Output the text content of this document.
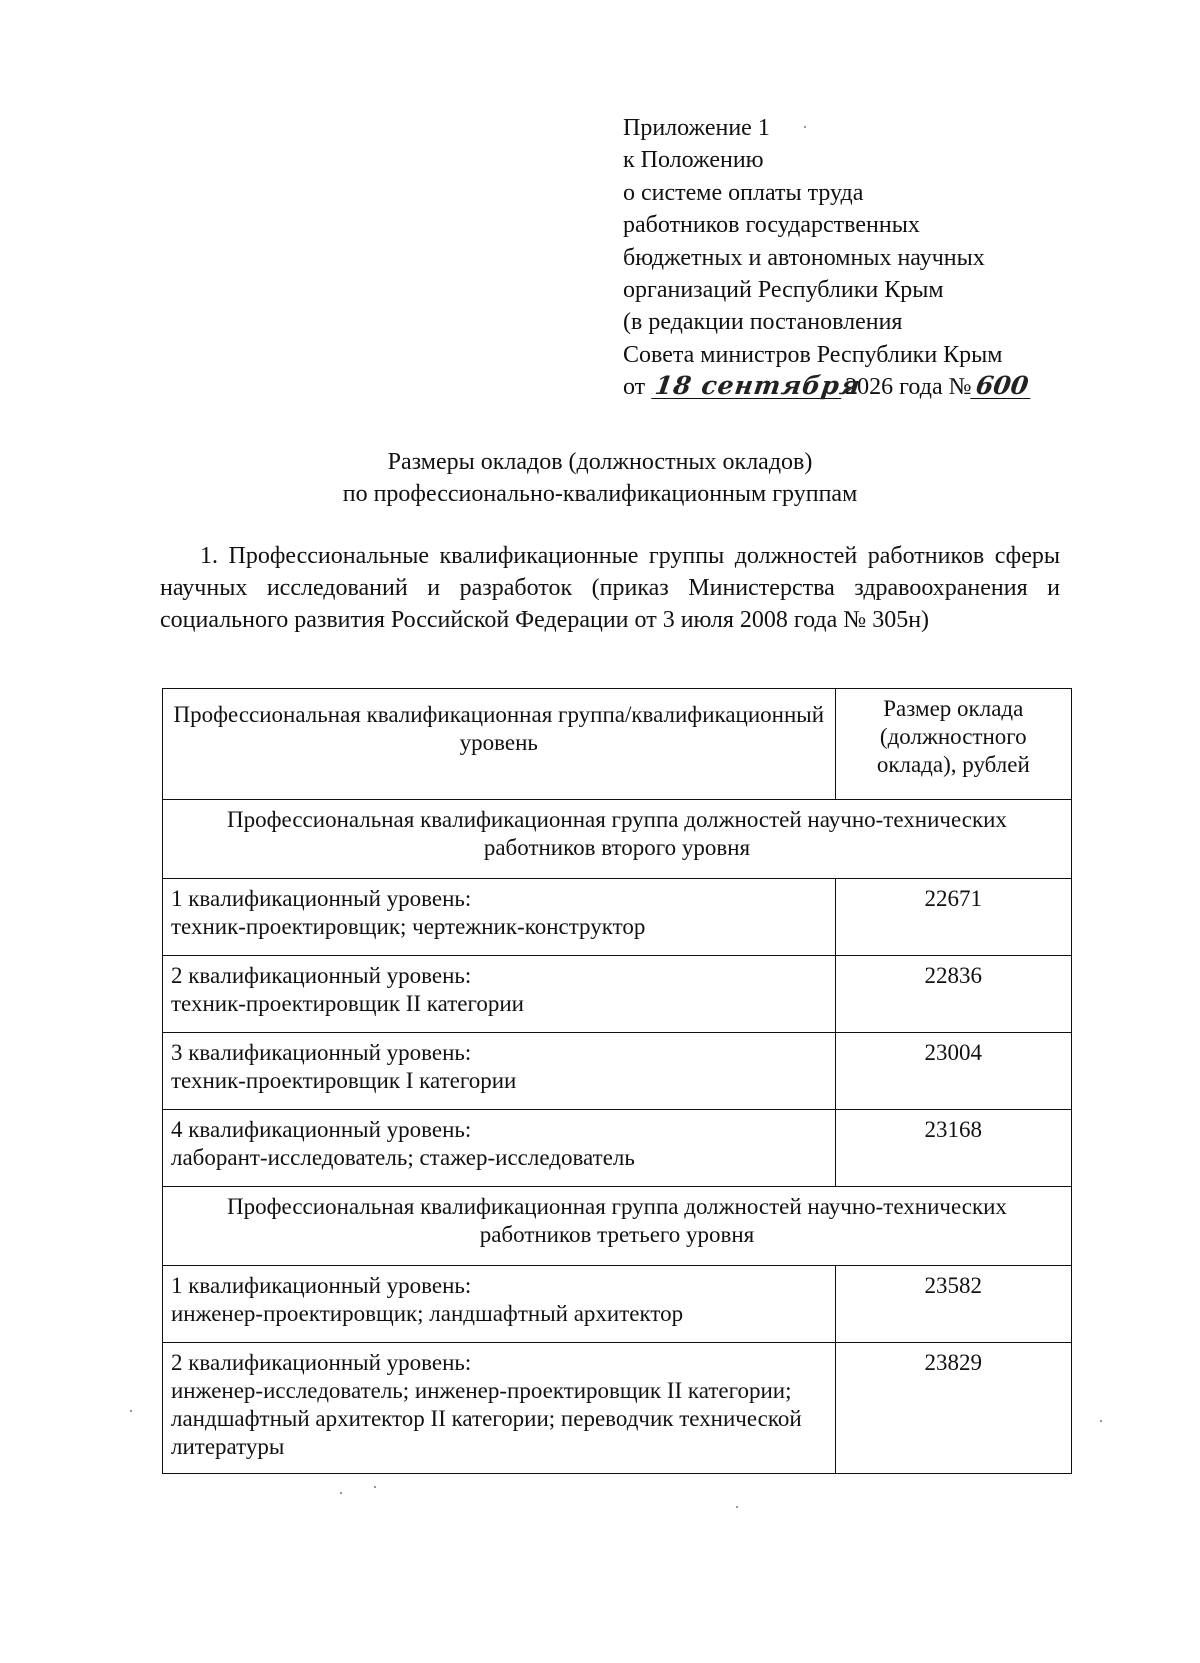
Приложение 1
к Положению
о системе оплаты труда
работников государственных
бюджетных и автономных научных
организаций Республики Крым
(в редакции постановления
Совета министров Республики Крым
от 18 сентября2026 года №600
Размеры окладов (должностных окладов)
по профессионально-квалификационным группам
1. Профессиональные квалификационные группы должностей работников сферы научных исследований и разработок (приказ Министерства здравоохранения и социального развития Российской Федерации от 3 июля 2008 года № 305н)
Профессиональная квалификационная группа/квалификационный уровень	Размер оклада (должностного оклада), рублей
Профессиональная квалификационная группа должностей научно-технических работников второго уровня	

1 квалификационный уровень:
техник-проектировщик; чертежник-конструктор	22671

2 квалификационный уровень:
техник-проектировщик II категории	22836

3 квалификационный уровень:
техник-проектировщик I категории	23004

4 квалификационный уровень:
лаборант-исследователь; стажер-исследователь	23168
Профессиональная квалификационная группа должностей научно-технических работников третьего уровня	

1 квалификационный уровень:
инженер-проектировщик; ландшафтный архитектор	23582

2 квалификационный уровень:
инженер-исследователь; инженер-проектировщик II категории; ландшафтный архитектор II категории; переводчик технической литературы	23829
